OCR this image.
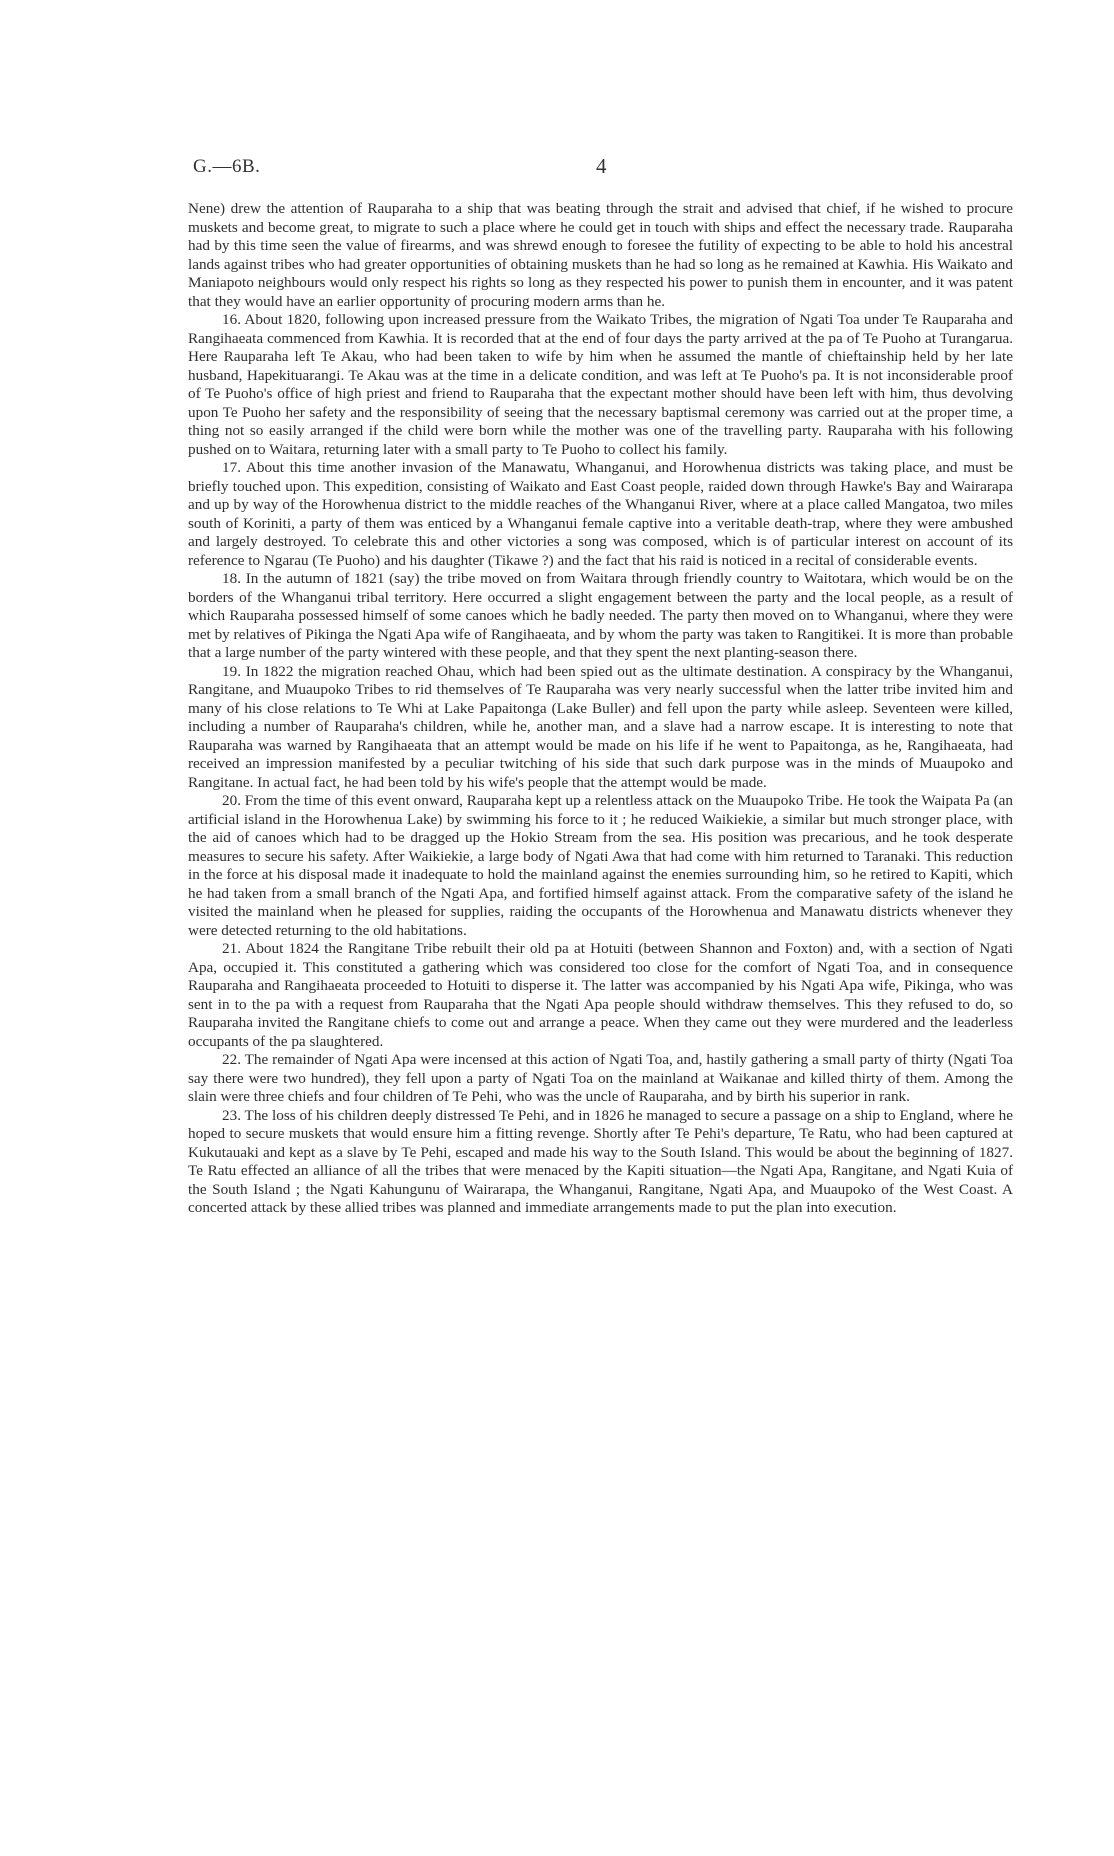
G.—6B.	4

Nene) drew the attention of Rauparaha to a ship that was beating through the strait and advised that chief, if he wished to procure muskets and become great, to migrate to such a place where he could get in touch with ships and effect the necessary trade. Rauparaha had by this time seen the value of firearms, and was shrewd enough to foresee the futility of expecting to be able to hold his ancestral lands against tribes who had greater opportunities of obtaining muskets than he had so long as he remained at Kawhia. His Waikato and Maniapoto neighbours would only respect his rights so long as they respected his power to punish them in encounter, and it was patent that they would have an earlier opportunity of procuring modern arms than he.

16. About 1820, following upon increased pressure from the Waikato Tribes, the migration of Ngati Toa under Te Rauparaha and Rangihaeata commenced from Kawhia. It is recorded that at the end of four days the party arrived at the pa of Te Puoho at Turangarua. Here Rauparaha left Te Akau, who had been taken to wife by him when he assumed the mantle of chieftainship held by her late husband, Hapekituarangi. Te Akau was at the time in a delicate condition, and was left at Te Puoho's pa. It is not inconsiderable proof of Te Puoho's office of high priest and friend to Rauparaha that the expectant mother should have been left with him, thus devolving upon Te Puoho her safety and the responsibility of seeing that the necessary baptismal ceremony was carried out at the proper time, a thing not so easily arranged if the child were born while the mother was one of the travelling party. Rauparaha with his following pushed on to Waitara, returning later with a small party to Te Puoho to collect his family.

17. About this time another invasion of the Manawatu, Whanganui, and Horowhenua districts was taking place, and must be briefly touched upon. This expedition, consisting of Waikato and East Coast people, raided down through Hawke's Bay and Wairarapa and up by way of the Horowhenua district to the middle reaches of the Whanganui River, where at a place called Mangatoa, two miles south of Koriniti, a party of them was enticed by a Whanganui female captive into a veritable death-trap, where they were ambushed and largely destroyed. To celebrate this and other victories a song was composed, which is of particular interest on account of its reference to Ngarau (Te Puoho) and his daughter (Tikawe ?) and the fact that his raid is noticed in a recital of considerable events.

18. In the autumn of 1821 (say) the tribe moved on from Waitara through friendly country to Waitotara, which would be on the borders of the Whanganui tribal territory. Here occurred a slight engagement between the party and the local people, as a result of which Rauparaha possessed himself of some canoes which he badly needed. The party then moved on to Whanganui, where they were met by relatives of Pikinga the Ngati Apa wife of Rangihaeata, and by whom the party was taken to Rangitikei. It is more than probable that a large number of the party wintered with these people, and that they spent the next planting-season there.

19. In 1822 the migration reached Ohau, which had been spied out as the ultimate destination. A conspiracy by the Whanganui, Rangitane, and Muaupoko Tribes to rid themselves of Te Rauparaha was very nearly successful when the latter tribe invited him and many of his close relations to Te Whi at Lake Papaitonga (Lake Buller) and fell upon the party while asleep. Seventeen were killed, including a number of Rauparaha's children, while he, another man, and a slave had a narrow escape. It is interesting to note that Rauparaha was warned by Rangihaeata that an attempt would be made on his life if he went to Papaitonga, as he, Rangihaeata, had received an impression manifested by a peculiar twitching of his side that such dark purpose was in the minds of Muaupoko and Rangitane. In actual fact, he had been told by his wife's people that the attempt would be made.

20. From the time of this event onward, Rauparaha kept up a relentless attack on the Muaupoko Tribe. He took the Waipata Pa (an artificial island in the Horowhenua Lake) by swimming his force to it ; he reduced Waikiekie, a similar but much stronger place, with the aid of canoes which had to be dragged up the Hokio Stream from the sea. His position was precarious, and he took desperate measures to secure his safety. After Waikiekie, a large body of Ngati Awa that had come with him returned to Taranaki. This reduction in the force at his disposal made it inadequate to hold the mainland against the enemies surrounding him, so he retired to Kapiti, which he had taken from a small branch of the Ngati Apa, and fortified himself against attack. From the comparative safety of the island he visited the mainland when he pleased for supplies, raiding the occupants of the Horowhenua and Manawatu districts whenever they were detected returning to the old habitations.

21. About 1824 the Rangitane Tribe rebuilt their old pa at Hotuiti (between Shannon and Foxton) and, with a section of Ngati Apa, occupied it. This constituted a gathering which was considered too close for the comfort of Ngati Toa, and in consequence Rauparaha and Rangihaeata proceeded to Hotuiti to disperse it. The latter was accompanied by his Ngati Apa wife, Pikinga, who was sent in to the pa with a request from Rauparaha that the Ngati Apa people should withdraw themselves. This they refused to do, so Rauparaha invited the Rangitane chiefs to come out and arrange a peace. When they came out they were murdered and the leaderless occupants of the pa slaughtered.

22. The remainder of Ngati Apa were incensed at this action of Ngati Toa, and, hastily gathering a small party of thirty (Ngati Toa say there were two hundred), they fell upon a party of Ngati Toa on the mainland at Waikanae and killed thirty of them. Among the slain were three chiefs and four children of Te Pehi, who was the uncle of Rauparaha, and by birth his superior in rank.

23. The loss of his children deeply distressed Te Pehi, and in 1826 he managed to secure a passage on a ship to England, where he hoped to secure muskets that would ensure him a fitting revenge. Shortly after Te Pehi's departure, Te Ratu, who had been captured at Kukutauaki and kept as a slave by Te Pehi, escaped and made his way to the South Island. This would be about the beginning of 1827. Te Ratu effected an alliance of all the tribes that were menaced by the Kapiti situation—the Ngati Apa, Rangitane, and Ngati Kuia of the South Island ; the Ngati Kahungunu of Wairarapa, the Whanganui, Rangitane, Ngati Apa, and Muaupoko of the West Coast. A concerted attack by these allied tribes was planned and immediate arrangements made to put the plan into execution.
